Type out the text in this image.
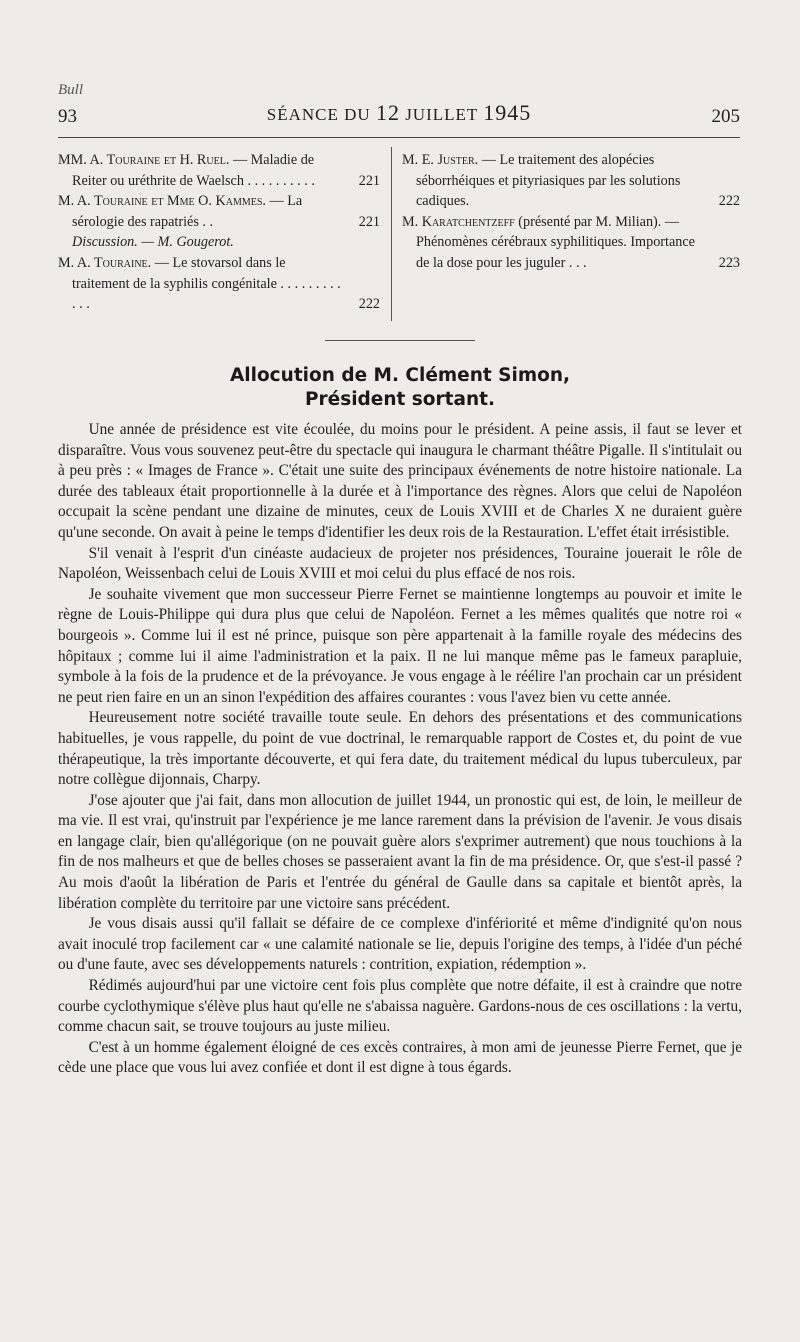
Bull
93	SÉANCE DU 12 JUILLET 1945	205
MM. A. Touraine et H. Ruel. — Maladie de Reiter ou uréthrite de Waelsch . . . . . . . . . .	221
M. A. Touraine et Mme O. Kammes. — La sérologie des rapatriés . .	221
Discussion. — M. Gougerot.
M. A. Touraine. — Le stovarsol dans le traitement de la syphilis congénitale . . . . . . . . . . . .	222
M. E. Juster. — Le traitement des alopécies séborrhéiques et pityriasiques par les solutions cadiques.	222
M. Karatchentzeff (présenté par M. Milian). — Phénomènes cérébraux syphilitiques. Importance de la dose pour les juguler . . .	223
Allocution de M. Clément Simon,
Président sortant.

Une année de présidence est vite écoulée, du moins pour le président. A peine assis, il faut se lever et disparaître. Vous vous souvenez peut-être du spectacle qui inaugura le charmant théâtre Pigalle. Il s'intitulait ou à peu près : « Images de France ». C'était une suite des principaux événements de notre histoire nationale. La durée des tableaux était proportionnelle à la durée et à l'importance des règnes. Alors que celui de Napoléon occupait la scène pendant une dizaine de minutes, ceux de Louis XVIII et de Charles X ne duraient guère qu'une seconde. On avait à peine le temps d'identifier les deux rois de la Restauration. L'effet était irrésistible.

S'il venait à l'esprit d'un cinéaste audacieux de projeter nos présidences, Touraine jouerait le rôle de Napoléon, Weissenbach celui de Louis XVIII et moi celui du plus effacé de nos rois.

Je souhaite vivement que mon successeur Pierre Fernet se maintienne longtemps au pouvoir et imite le règne de Louis-Philippe qui dura plus que celui de Napoléon. Fernet a les mêmes qualités que notre roi « bourgeois ». Comme lui il est né prince, puisque son père appartenait à la famille royale des médecins des hôpitaux ; comme lui il aime l'administration et la paix. Il ne lui manque même pas le fameux parapluie, symbole à la fois de la prudence et de la prévoyance. Je vous engage à le réélire l'an prochain car un président ne peut rien faire en un an sinon l'expédition des affaires courantes : vous l'avez bien vu cette année.

Heureusement notre société travaille toute seule. En dehors des présentations et des communications habituelles, je vous rappelle, du point de vue doctrinal, le remarquable rapport de Costes et, du point de vue thérapeutique, la très importante découverte, et qui fera date, du traitement médical du lupus tuberculeux, par notre collègue dijonnais, Charpy.

J'ose ajouter que j'ai fait, dans mon allocution de juillet 1944, un pronostic qui est, de loin, le meilleur de ma vie. Il est vrai, qu'instruit par l'expérience je me lance rarement dans la prévision de l'avenir. Je vous disais en langage clair, bien qu'allégorique (on ne pouvait guère alors s'exprimer autrement) que nous touchions à la fin de nos malheurs et que de belles choses se passeraient avant la fin de ma présidence. Or, que s'est-il passé ? Au mois d'août la libération de Paris et l'entrée du général de Gaulle dans sa capitale et bientôt après, la libération complète du territoire par une victoire sans précédent.

Je vous disais aussi qu'il fallait se défaire de ce complexe d'infériorité et même d'indignité qu'on nous avait inoculé trop facilement car « une calamité nationale se lie, depuis l'origine des temps, à l'idée d'un péché ou d'une faute, avec ses développements naturels : contrition, expiation, rédemption ».

Rédimés aujourd'hui par une victoire cent fois plus complète que notre défaite, il est à craindre que notre courbe cyclothymique s'élève plus haut qu'elle ne s'abaissa naguère. Gardons-nous de ces oscillations : la vertu, comme chacun sait, se trouve toujours au juste milieu.

C'est à un homme également éloigné de ces excès contraires, à mon ami de jeunesse Pierre Fernet, que je cède une place que vous lui avez confiée et dont il est digne à tous égards.
